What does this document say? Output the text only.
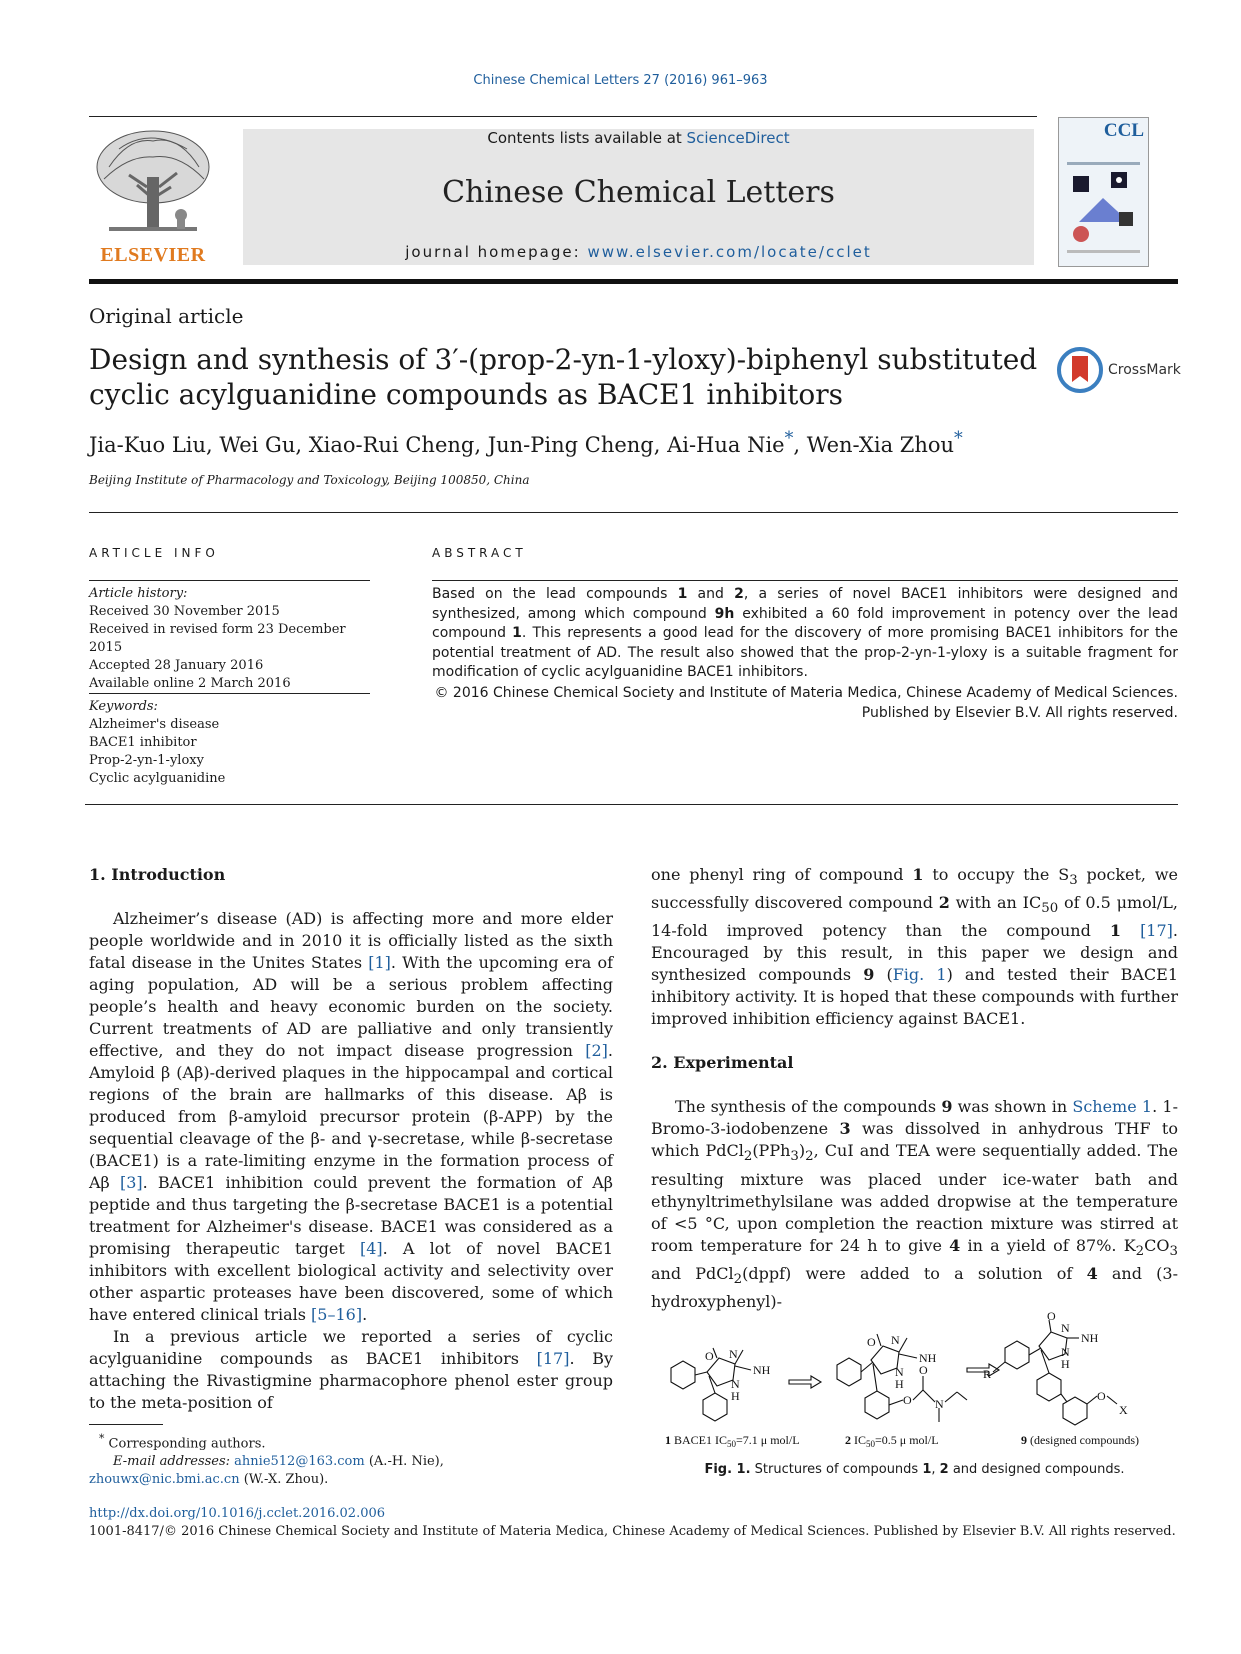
Chinese Chemical Letters 27 (2016) 961–963
ELSEVIER
Contents lists available at ScienceDirect
Chinese Chemical Letters
journal homepage: www.elsevier.com/locate/cclet
CCL
Original article
Design and synthesis of 3′-(prop-2-yn-1-yloxy)-biphenyl substituted cyclic acylguanidine compounds as BACE1 inhibitors
CrossMark
Jia-Kuo Liu, Wei Gu, Xiao-Rui Cheng, Jun-Ping Cheng, Ai-Hua Nie*, Wen-Xia Zhou*
Beijing Institute of Pharmacology and Toxicology, Beijing 100850, China
ARTICLE INFO	ABSTRACT
Article history:
Received 30 November 2015
Received in revised form 23 December 2015
Accepted 28 January 2016
Available online 2 March 2016
Keywords:
Alzheimer's disease
BACE1 inhibitor
Prop-2-yn-1-yloxy
Cyclic acylguanidine
Based on the lead compounds 1 and 2, a series of novel BACE1 inhibitors were designed and synthesized, among which compound 9h exhibited a 60 fold improvement in potency over the lead compound 1. This represents a good lead for the discovery of more promising BACE1 inhibitors for the potential treatment of AD. The result also showed that the prop-2-yn-1-yloxy is a suitable fragment for modification of cyclic acylguanidine BACE1 inhibitors.
© 2016 Chinese Chemical Society and Institute of Materia Medica, Chinese Academy of Medical Sciences.
Published by Elsevier B.V. All rights reserved.
1. Introduction

Alzheimer’s disease (AD) is affecting more and more elder people worldwide and in 2010 it is officially listed as the sixth fatal disease in the Unites States [1]. With the upcoming era of aging population, AD will be a serious problem affecting people’s health and heavy economic burden on the society. Current treatments of AD are palliative and only transiently effective, and they do not impact disease progression [2]. Amyloid β (Aβ)-derived plaques in the hippocampal and cortical regions of the brain are hallmarks of this disease. Aβ is produced from β-amyloid precursor protein (β-APP) by the sequential cleavage of the β- and γ-secretase, while β-secretase (BACE1) is a rate-limiting enzyme in the formation process of Aβ [3]. BACE1 inhibition could prevent the formation of Aβ peptide and thus targeting the β-secretase BACE1 is a potential treatment for Alzheimer's disease. BACE1 was considered as a promising therapeutic target [4]. A lot of novel BACE1 inhibitors with excellent biological activity and selectivity over other aspartic proteases have been discovered, some of which have entered clinical trials [5–16].

In a previous article we reported a series of cyclic acylguanidine compounds as BACE1 inhibitors [17]. By attaching the Rivastigmine pharmacophore phenol ester group to the meta-position of

one phenyl ring of compound 1 to occupy the $S_3$ pocket, we successfully discovered compound 2 with an $IC_{50}$ of 0.5 μmol/L, 14-fold improved potency than the compound 1 [17]. Encouraged by this result, in this paper we design and synthesized compounds 9 (Fig. 1) and tested their BACE1 inhibitory activity. It is hoped that these compounds with further improved inhibition efficiency against BACE1.

2. Experimental

The synthesis of the compounds 9 was shown in Scheme 1. 1-Bromo-3-iodobenzene 3 was dissolved in anhydrous THF to which $PdCl_2(PPh_3)_2$, CuI and TEA were sequentially added. The resulting mixture was placed under ice-water bath and ethynyltrimethylsilane was added dropwise at the temperature of <5 °C, upon completion the reaction mixture was stirred at room temperature for 24 h to give 4 in a yield of 87%. $K_2CO_3$ and PdCl$_2$(dppf) were added to a solution of 4 and (3-hydroxyphenyl)-

O N
NH
N
H
O N
NH
N
H
O
O
N
O
N
NH
N
H
R
O
X
1 BACE1 $IC_{50}=7.1$ μ mol/L	2 $IC_{50}=0.5$ μ mol/L	9 (designed compounds)
Fig. 1. Structures of compounds 1, 2 and designed compounds.
* Corresponding authors.
E-mail addresses: ahnie512@163.com (A.-H. Nie),
zhouwx@nic.bmi.ac.cn (W.-X. Zhou).
http://dx.doi.org/10.1016/j.cclet.2016.02.006
1001-8417/© 2016 Chinese Chemical Society and Institute of Materia Medica, Chinese Academy of Medical Sciences. Published by Elsevier B.V. All rights reserved.
